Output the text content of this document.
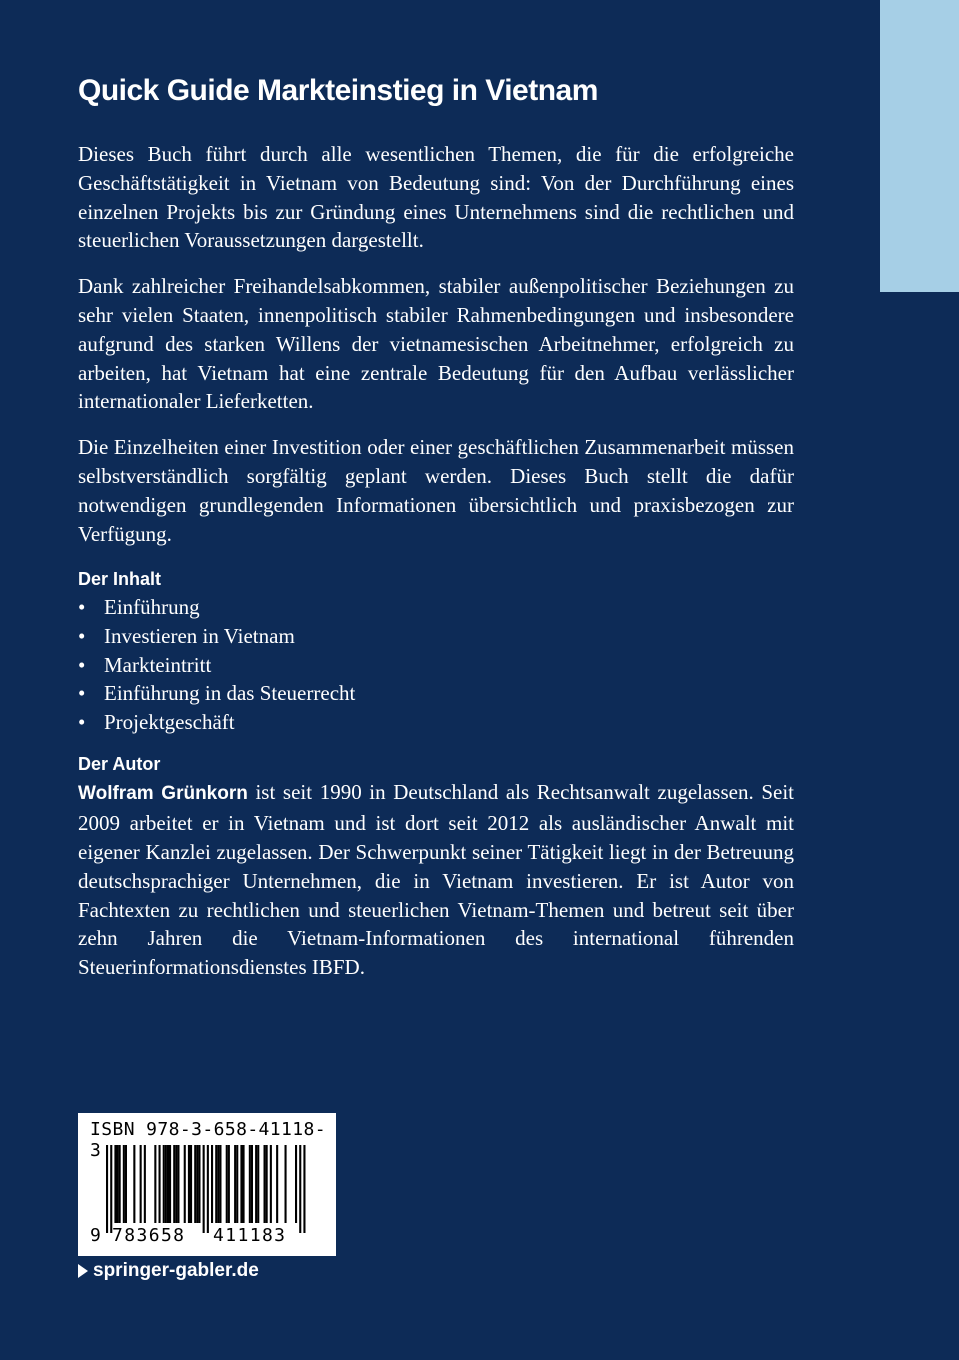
Quick Guide Markteinstieg in Vietnam

Dieses Buch führt durch alle wesentlichen Themen, die für die erfolgreiche Geschäftstätigkeit in Vietnam von Bedeutung sind: Von der Durchführung eines einzelnen Projekts bis zur Gründung eines Unternehmens sind die rechtlichen und steuerlichen Voraussetzungen dargestellt.

Dank zahlreicher Freihandelsabkommen, stabiler außenpolitischer Beziehungen zu sehr vielen Staaten, innenpolitisch stabiler Rahmenbedingungen und insbesondere aufgrund des starken Willens der vietnamesischen Arbeitnehmer, erfolgreich zu arbeiten, hat Vietnam hat eine zentrale Bedeutung für den Aufbau verlässlicher internationaler Lieferketten.

Die Einzelheiten einer Investition oder einer geschäftlichen Zusammenarbeit müssen selbstverständlich sorgfältig geplant werden. Dieses Buch stellt die dafür notwendigen grundlegenden Informationen übersichtlich und praxisbezogen zur Verfügung.

Der Inhalt
• Einführung
• Investieren in Vietnam
• Markteintritt
• Einführung in das Steuerrecht
• Projektgeschäft
Der Autor

Wolfram Grünkorn ist seit 1990 in Deutschland als Rechtsanwalt zugelassen. Seit 2009 arbeitet er in Vietnam und ist dort seit 2012 als ausländischer Anwalt mit eigener Kanzlei zugelassen. Der Schwerpunkt seiner Tätigkeit liegt in der Betreuung deutschsprachiger Unternehmen, die in Vietnam investieren. Er ist Autor von Fachtexten zu rechtlichen und steuerlichen Vietnam-Themen und betreut seit über zehn Jahren die Vietnam-Informationen des international führenden Steuerinformationsdienstes IBFD.

ISBN 978-3-658-41118-3
9 783658 411183
springer-gabler.de
